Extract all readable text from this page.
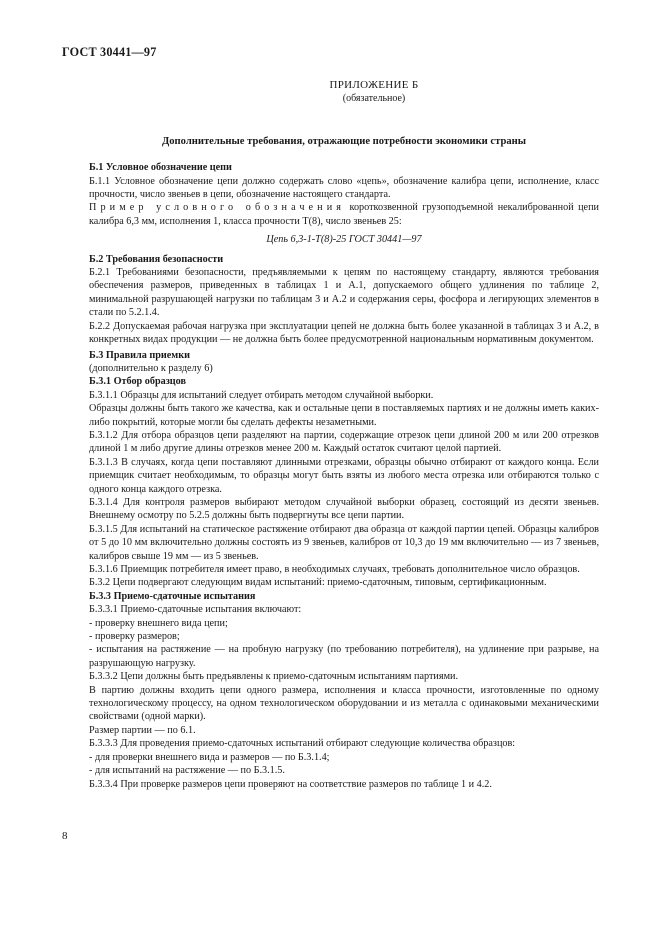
ГОСТ 30441—97
ПРИЛОЖЕНИЕ Б
(обязательное)
Дополнительные требования, отражающие потребности экономики страны

Б.1 Условное обозначение цепи

Б.1.1 Условное обозначение цепи должно содержать слово «цепь», обозначение калибра цепи, исполнение, класс прочности, число звеньев в цепи, обозначение настоящего стандарта.

Пример условного обозначения короткозвенной грузоподъемной некалиброванной цепи калибра 6,3 мм, исполнения 1, класса прочности Т(8), число звеньев 25:

Цепь 6,3-1-Т(8)-25 ГОСТ 30441—97

Б.2 Требования безопасности

Б.2.1 Требованиями безопасности, предъявляемыми к цепям по настоящему стандарту, являются требования обеспечения размеров, приведенных в таблицах 1 и А.1, допускаемого общего удлинения по таблице 2, минимальной разрушающей нагрузки по таблицам 3 и А.2 и содержания серы, фосфора и легирующих элементов в стали по 5.2.1.4.

Б.2.2 Допускаемая рабочая нагрузка при эксплуатации цепей не должна быть более указанной в таблицах 3 и А.2, в конкретных видах продукции — не должна быть более предусмотренной национальным нормативным документом.

Б.3 Правила приемки

(дополнительно к разделу 6)

Б.3.1 Отбор образцов

Б.3.1.1 Образцы для испытаний следует отбирать методом случайной выборки.

Образцы должны быть такого же качества, как и остальные цепи в поставляемых партиях и не должны иметь каких-либо покрытий, которые могли бы сделать дефекты незаметными.

Б.3.1.2 Для отбора образцов цепи разделяют на партии, содержащие отрезок цепи длиной 200 м или 200 отрезков длиной 1 м либо другие длины отрезков менее 200 м. Каждый остаток считают целой партией.

Б.3.1.3 В случаях, когда цепи поставляют длинными отрезками, образцы обычно отбирают от каждого конца. Если приемщик считает необходимым, то образцы могут быть взяты из любого места отрезка или отбираются только с одного конца каждого отрезка.

Б.3.1.4 Для контроля размеров выбирают методом случайной выборки образец, состоящий из десяти звеньев. Внешнему осмотру по 5.2.5 должны быть подвергнуты все цепи партии.

Б.3.1.5 Для испытаний на статическое растяжение отбирают два образца от каждой партии цепей. Образцы калибров от 5 до 10 мм включительно должны состоять из 9 звеньев, калибров от 10,3 до 19 мм включительно — из 7 звеньев, калибров свыше 19 мм — из 5 звеньев.

Б.3.1.6 Приемщик потребителя имеет право, в необходимых случаях, требовать дополнительное число образцов.

Б.3.2 Цепи подвергают следующим видам испытаний: приемо-сдаточным, типовым, сертификационным.

Б.3.3 Приемо-сдаточные испытания

Б.3.3.1 Приемо-сдаточные испытания включают:

- проверку внешнего вида цепи;

- проверку размеров;

- испытания на растяжение — на пробную нагрузку (по требованию потребителя), на удлинение при разрыве, на разрушающую нагрузку.

Б.3.3.2 Цепи должны быть предъявлены к приемо-сдаточным испытаниям партиями.

В партию должны входить цепи одного размера, исполнения и класса прочности, изготовленные по одному технологическому процессу, на одном технологическом оборудовании и из металла с одинаковыми механическими свойствами (одной марки).

Размер партии — по 6.1.

Б.3.3.3 Для проведения приемо-сдаточных испытаний отбирают следующие количества образцов:

- для проверки внешнего вида и размеров — по Б.3.1.4;

- для испытаний на растяжение — по Б.3.1.5.

Б.3.3.4 При проверке размеров цепи проверяют на соответствие размеров по таблице 1 и 4.2.

8
